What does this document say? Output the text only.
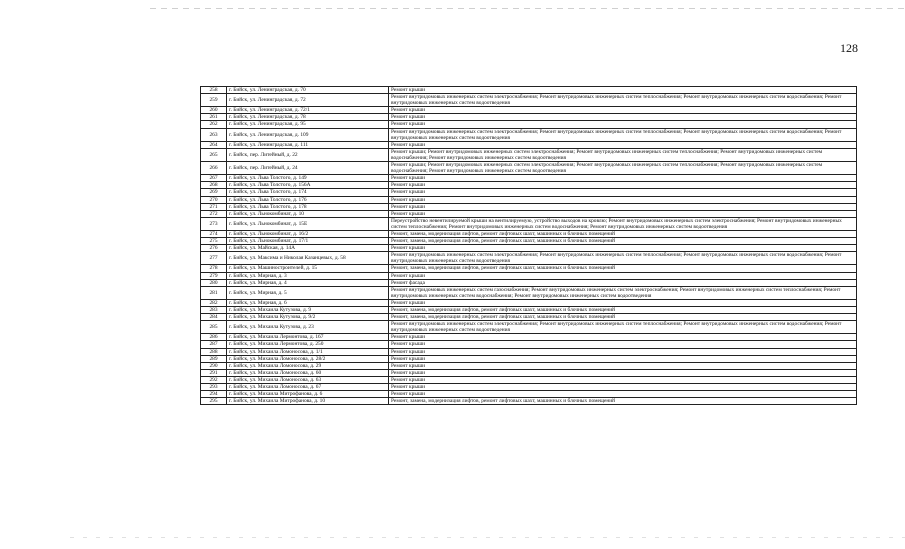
128
258	г. Бийск, ул. Ленинградская, д. 70	Ремонт крыши
259	г. Бийск, ул. Ленинградская, д. 72	Ремонт внутридомовых инженерных систем электроснабжения; Ремонт внутридомовых инженерных систем теплоснабжения; Ремонт внутридомовых инженерных систем водоснабжения; Ремонт внутридомовых инженерных систем водоотведения
260	г. Бийск, ул. Ленинградская, д. 72/1	Ремонт крыши
261	г. Бийск, ул. Ленинградская, д. 78	Ремонт крыши
262	г. Бийск, ул. Ленинградская, д. 95	Ремонт крыши
263	г. Бийск, ул. Ленинградская, д. 109	Ремонт внутридомовых инженерных систем электроснабжения; Ремонт внутридомовых инженерных систем теплоснабжения; Ремонт внутридомовых инженерных систем водоснабжения; Ремонт внутридомовых инженерных систем водоотведения
264	г. Бийск, ул. Ленинградская, д. 111	Ремонт крыши
265	г. Бийск, пер. Литейный, д. 22	Ремонт крыши; Ремонт внутридомовых инженерных систем электроснабжения; Ремонт внутридомовых инженерных систем теплоснабжения; Ремонт внутридомовых инженерных систем водоснабжения; Ремонт внутридомовых инженерных систем водоотведения
266	г. Бийск, пер. Литейный, д. 24	Ремонт крыши; Ремонт внутридомовых инженерных систем электроснабжения; Ремонт внутридомовых инженерных систем теплоснабжения; Ремонт внутридомовых инженерных систем водоснабжения; Ремонт внутридомовых инженерных систем водоотведения
267	г. Бийск, ул. Льва Толстого, д. 149	Ремонт крыши
268	г. Бийск, ул. Льва Толстого, д. 156А	Ремонт крыши
269	г. Бийск, ул. Льва Толстого, д. 174	Ремонт крыши
270	г. Бийск, ул. Льва Толстого, д. 176	Ремонт крыши
271	г. Бийск, ул. Льва Толстого, д. 178	Ремонт крыши
272	г. Бийск, ул. Льнокомбинат, д. 10	Ремонт крыши
273	г. Бийск, ул. Льнокомбинат, д. 15Е	Переустройство невентилируемой крыши на вентилируемую, устройство выходов на кровлю; Ремонт внутридомовых инженерных систем электроснабжения; Ремонт внутридомовых инженерных систем теплоснабжения; Ремонт внутридомовых инженерных систем водоснабжения; Ремонт внутридомовых инженерных систем водоотведения
274	г. Бийск, ул. Льнокомбинат, д. 16/2	Ремонт, замена, модернизация лифтов, ремонт лифтовых шахт, машинных и блочных помещений
275	г. Бийск, ул. Льнокомбинат, д. 17/1	Ремонт, замена, модернизация лифтов, ремонт лифтовых шахт, машинных и блочных помещений
276	г. Бийск, ул. Майская, д. 14А	Ремонт крыши
277	г. Бийск, ул. Максима и Николая Казанцевых, д. 58	Ремонт внутридомовых инженерных систем электроснабжения; Ремонт внутридомовых инженерных систем теплоснабжения; Ремонт внутридомовых инженерных систем водоснабжения; Ремонт внутридомовых инженерных систем водоотведения
278	г. Бийск, ул. Машиностроителей, д. 15	Ремонт, замена, модернизация лифтов, ремонт лифтовых шахт, машинных и блочных помещений
279	г. Бийск, ул. Мирная, д. 3	Ремонт крыши
280	г. Бийск, ул. Мирная, д. 4	Ремонт фасада
281	г. Бийск, ул. Мирная, д. 5	Ремонт внутридомовых инженерных систем газоснабжения; Ремонт внутридомовых инженерных систем электроснабжения; Ремонт внутридомовых инженерных систем теплоснабжения; Ремонт внутридомовых инженерных систем водоснабжения; Ремонт внутридомовых инженерных систем водоотведения
282	г. Бийск, ул. Мирная, д. 6	Ремонт крыши
283	г. Бийск, ул. Михаила Кутузова, д. 9	Ремонт, замена, модернизация лифтов, ремонт лифтовых шахт, машинных и блочных помещений
284	г. Бийск, ул. Михаила Кутузова, д. 9/2	Ремонт, замена, модернизация лифтов, ремонт лифтовых шахт, машинных и блочных помещений
285	г. Бийск, ул. Михаила Кутузова, д. 23	Ремонт внутридомовых инженерных систем электроснабжения; Ремонт внутридомовых инженерных систем теплоснабжения; Ремонт внутридомовых инженерных систем водоснабжения; Ремонт внутридомовых инженерных систем водоотведения
286	г. Бийск, ул. Михаила Лермонтова, д. 167	Ремонт крыши
287	г. Бийск, ул. Михаила Лермонтова, д. 250	Ремонт крыши
288	г. Бийск, ул. Михаила Ломоносова, д. 1/1	Ремонт крыши
289	г. Бийск, ул. Михаила Ломоносова, д. 28/2	Ремонт крыши
290	г. Бийск, ул. Михаила Ломоносова, д. 29	Ремонт крыши
291	г. Бийск, ул. Михаила Ломоносова, д. 60	Ремонт крыши
292	г. Бийск, ул. Михаила Ломоносова, д. 63	Ремонт крыши
293	г. Бийск, ул. Михаила Ломоносова, д. 67	Ремонт крыши
294	г. Бийск, ул. Михаила Митрофанова, д. 6	Ремонт крыши
295	г. Бийск, ул. Михаила Митрофанова, д. 10	Ремонт, замена, модернизация лифтов, ремонт лифтовых шахт, машинных и блочных помещений
